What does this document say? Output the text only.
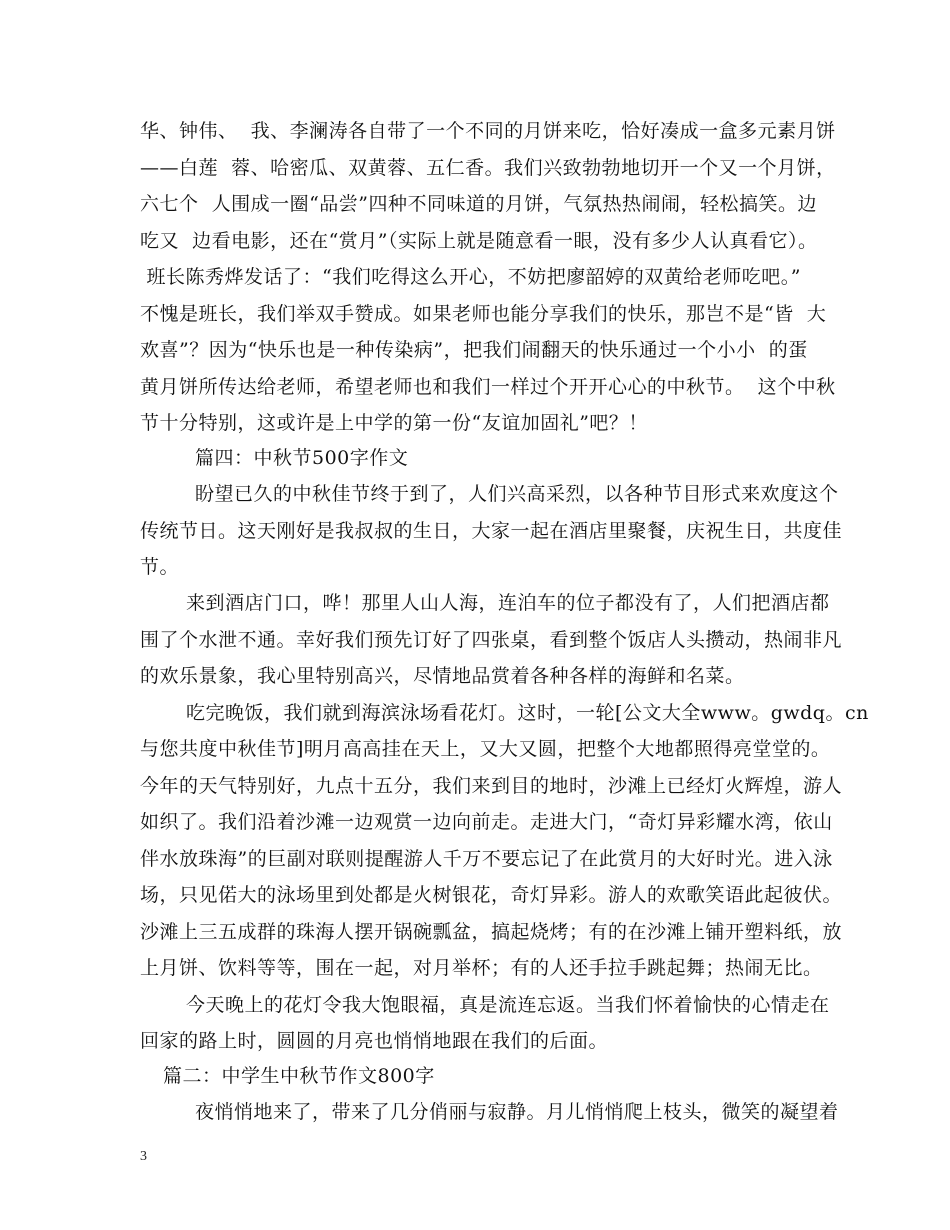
华、钟伟、  我、李澜涛各自带了一个不同的月饼来吃，恰好凑成一盒多元素月饼
——白莲  蓉、哈密瓜、双黄蓉、五仁香。我们兴致勃勃地切开一个又一个月饼，
六七个  人围成一圈“品尝”四种不同味道的月饼，气氛热热闹闹，轻松搞笑。边
吃又  边看电影，还在“赏月”（实际上就是随意看一眼，没有多少人认真看它）。
班长陈秀烨发话了：“我们吃得这么开心，不妨把廖韶婷的双黄给老师吃吧。”
不愧是班长，我们举双手赞成。如果老师也能分享我们的快乐，那岂不是“皆  大
欢喜”？因为“快乐也是一种传染病”，把我们闹翻天的快乐通过一个小小  的蛋
黄月饼所传达给老师，希望老师也和我们一样过个开开心心的中秋节。  这个中秋
节十分特别，这或许是上中学的第一份“友谊加固礼”吧？！
篇四：中秋节500字作文
盼望已久的中秋佳节终于到了，人们兴高采烈，以各种节目形式来欢度这个
传统节日。这天刚好是我叔叔的生日，大家一起在酒店里聚餐，庆祝生日，共度佳
节。
来到酒店门口，哗！那里人山人海，连泊车的位子都没有了，人们把酒店都
围了个水泄不通。幸好我们预先订好了四张桌，看到整个饭店人头攒动，热闹非凡
的欢乐景象，我心里特别高兴，尽情地品赏着各种各样的海鲜和名菜。
吃完晚饭，我们就到海滨泳场看花灯。这时，一轮[公文大全www。gwdq。cn
与您共度中秋佳节]明月高高挂在天上，又大又圆，把整个大地都照得亮堂堂的。
今年的天气特别好，九点十五分，我们来到目的地时，沙滩上已经灯火辉煌，游人
如织了。我们沿着沙滩一边观赏一边向前走。走进大门，“奇灯异彩耀水湾，依山
伴水放珠海”的巨副对联则提醒游人千万不要忘记了在此赏月的大好时光。进入泳
场，只见偌大的泳场里到处都是火树银花，奇灯异彩。游人的欢歌笑语此起彼伏。
沙滩上三五成群的珠海人摆开锅碗瓢盆，搞起烧烤；有的在沙滩上铺开塑料纸，放
上月饼、饮料等等，围在一起，对月举杯；有的人还手拉手跳起舞；热闹无比。
今天晚上的花灯令我大饱眼福，真是流连忘返。当我们怀着愉快的心情走在
回家的路上时，圆圆的月亮也悄悄地跟在我们的后面。
篇二：中学生中秋节作文800字
夜悄悄地来了，带来了几分俏丽与寂静。月儿悄悄爬上枝头，微笑的凝望着
3
